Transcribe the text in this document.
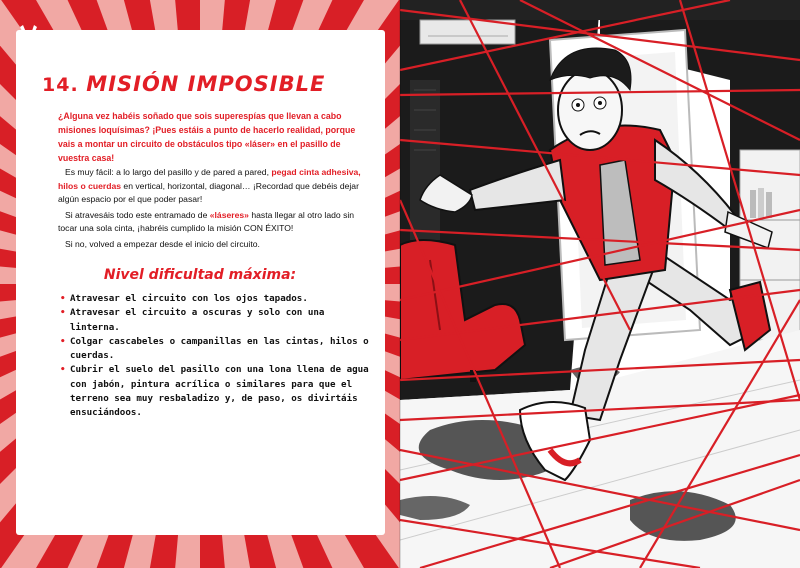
14. MISIÓN IMPOSIBLE

¿Alguna vez habéis soñado que sois superespías que llevan a cabo misiones loquísimas? ¡Pues estáis a punto de hacerlo realidad, porque vais a montar un circuito de obstáculos tipo «láser» en el pasillo de vuestra casa!

Es muy fácil: a lo largo del pasillo y de pared a pared, pegad cinta adhesiva, hilos o cuerdas en vertical, horizontal, diagonal… ¡Recordad que debéis dejar algún espacio por el que poder pasar!

Si atravesáis todo este entramado de «láseres» hasta llegar al otro lado sin tocar una sola cinta, ¡habréis cumplido la misión CON ÉXITO!

Si no, volved a empezar desde el inicio del circuito.

Nivel dificultad máxima:
• Atravesar el circuito con los ojos tapados.
• Atravesar el circuito a oscuras y solo con una linterna.
• Colgar cascabeles o campanillas en las cintas, hilos o cuerdas.
• Cubrir el suelo del pasillo con una lona llena de agua con jabón, pintura acrílica o similares para que el terreno sea muy resbaladizo y, de paso, os divirtáis ensuciándoos.
24
